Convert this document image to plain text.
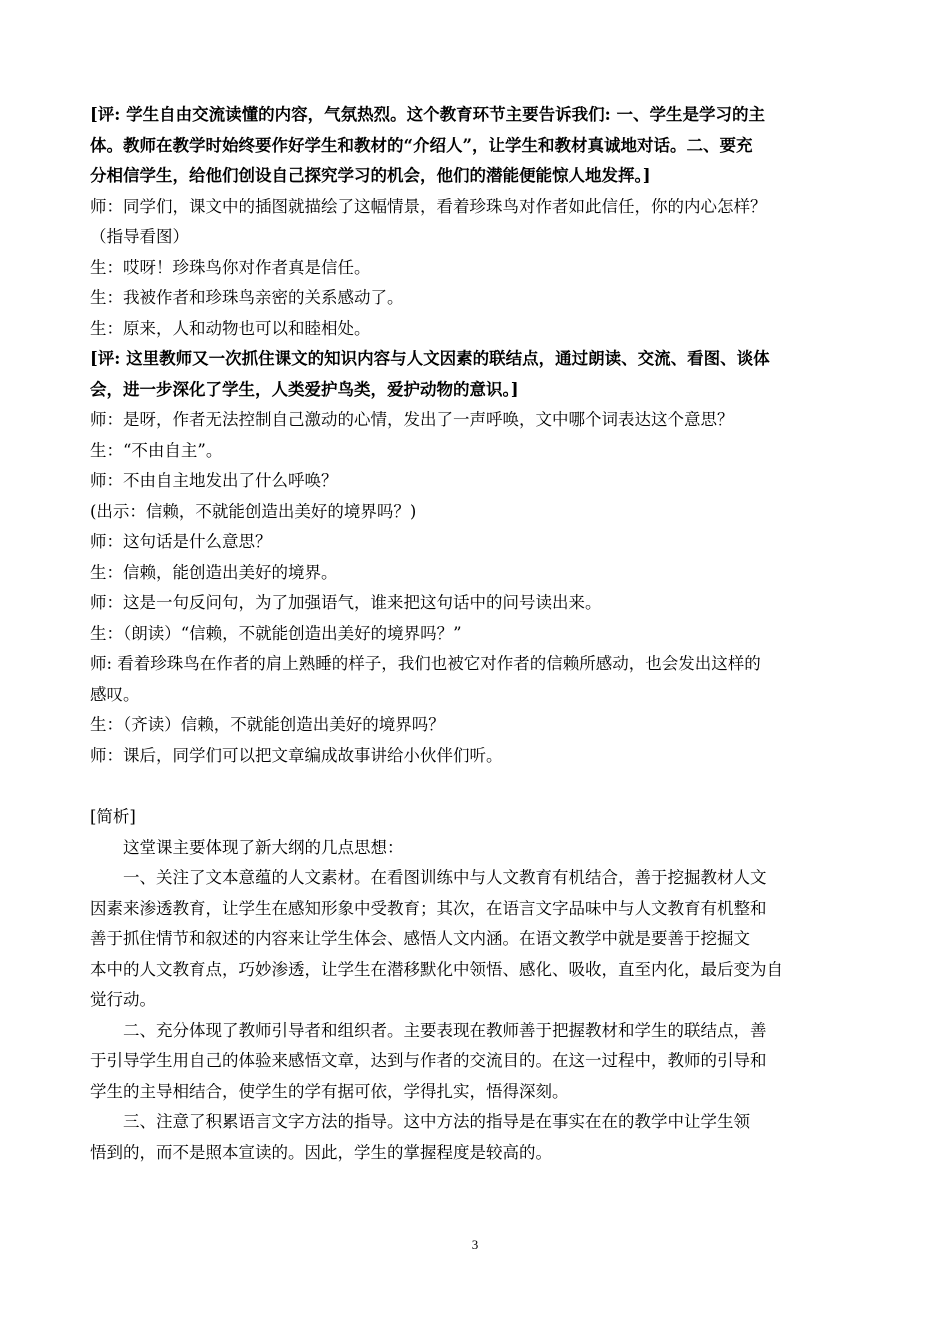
[评: 学生自由交流读懂的内容，气氛热烈。这个教育环节主要告诉我们: 一、学生是学习的主

体。教师在教学时始终要作好学生和教材的“介绍人”，让学生和教材真诚地对话。二、要充

分相信学生，给他们创设自己探究学习的机会，他们的潜能便能惊人地发挥。]

师：同学们，课文中的插图就描绘了这幅情景，看着珍珠鸟对作者如此信任，你的内心怎样？

（指导看图）

生：哎呀！珍珠鸟你对作者真是信任。

生：我被作者和珍珠鸟亲密的关系感动了。

生：原来，人和动物也可以和睦相处。

[评: 这里教师又一次抓住课文的知识内容与人文因素的联结点，通过朗读、交流、看图、谈体

会，进一步深化了学生，人类爱护鸟类，爱护动物的意识。]

师：是呀，作者无法控制自己激动的心情，发出了一声呼唤，文中哪个词表达这个意思？

生：“不由自主”。

师：不由自主地发出了什么呼唤？

(出示：信赖，不就能创造出美好的境界吗？)

师：这句话是什么意思？

生：信赖，能创造出美好的境界。

师：这是一句反问句，为了加强语气，谁来把这句话中的问号读出来。

生：（朗读）“信赖，不就能创造出美好的境界吗？”

师: 看着珍珠鸟在作者的肩上熟睡的样子，我们也被它对作者的信赖所感动，也会发出这样的

感叹。

生：（齐读）信赖，不就能创造出美好的境界吗？

师：课后，同学们可以把文章编成故事讲给小伙伴们听。

[简析]

这堂课主要体现了新大纲的几点思想：

一、关注了文本意蕴的人文素材。在看图训练中与人文教育有机结合，善于挖掘教材人文

因素来渗透教育，让学生在感知形象中受教育；其次，在语言文字品味中与人文教育有机整和

善于抓住情节和叙述的内容来让学生体会、感悟人文内涵。在语文教学中就是要善于挖掘文

本中的人文教育点，巧妙渗透，让学生在潜移默化中领悟、感化、吸收，直至内化，最后变为自

觉行动。

二、充分体现了教师引导者和组织者。主要表现在教师善于把握教材和学生的联结点，善

于引导学生用自己的体验来感悟文章，达到与作者的交流目的。在这一过程中，教师的引导和

学生的主导相结合，使学生的学有据可依，学得扎实，悟得深刻。

三、注意了积累语言文字方法的指导。这中方法的指导是在事实在在的教学中让学生领

悟到的，而不是照本宣读的。因此，学生的掌握程度是较高的。

3
